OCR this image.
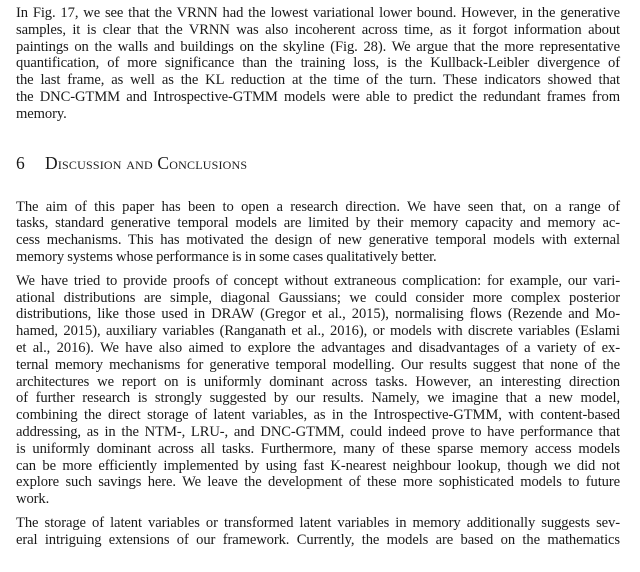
In Fig. 17, we see that the VRNN had the lowest variational lower bound. However, in the generative
samples, it is clear that the VRNN was also incoherent across time, as it forgot information about
paintings on the walls and buildings on the skyline (Fig. 28). We argue that the more representative
quantification, of more significance than the training loss, is the Kullback-Leibler divergence of
the last frame, as well as the KL reduction at the time of the turn. These indicators showed that
the DNC-GTMM and Introspective-GTMM models were able to predict the redundant frames from
memory.

6 Discussion and Conclusions

The aim of this paper has been to open a research direction. We have seen that, on a range of
tasks, standard generative temporal models are limited by their memory capacity and memory ac-
cess mechanisms. This has motivated the design of new generative temporal models with external
memory systems whose performance is in some cases qualitatively better.

We have tried to provide proofs of concept without extraneous complication: for example, our vari-
ational distributions are simple, diagonal Gaussians; we could consider more complex posterior
distributions, like those used in DRAW (Gregor et al., 2015), normalising flows (Rezende and Mo-
hamed, 2015), auxiliary variables (Ranganath et al., 2016), or models with discrete variables (Eslami
et al., 2016). We have also aimed to explore the advantages and disadvantages of a variety of ex-
ternal memory mechanisms for generative temporal modelling. Our results suggest that none of the
architectures we report on is uniformly dominant across tasks. However, an interesting direction
of further research is strongly suggested by our results. Namely, we imagine that a new model,
combining the direct storage of latent variables, as in the Introspective-GTMM, with content-based
addressing, as in the NTM-, LRU-, and DNC-GTMM, could indeed prove to have performance that
is uniformly dominant across all tasks. Furthermore, many of these sparse memory access models
can be more efficiently implemented by using fast K-nearest neighbour lookup, though we did not
explore such savings here. We leave the development of these more sophisticated models to future
work.

The storage of latent variables or transformed latent variables in memory additionally suggests sev-
eral intriguing extensions of our framework. Currently, the models are based on the mathematics
